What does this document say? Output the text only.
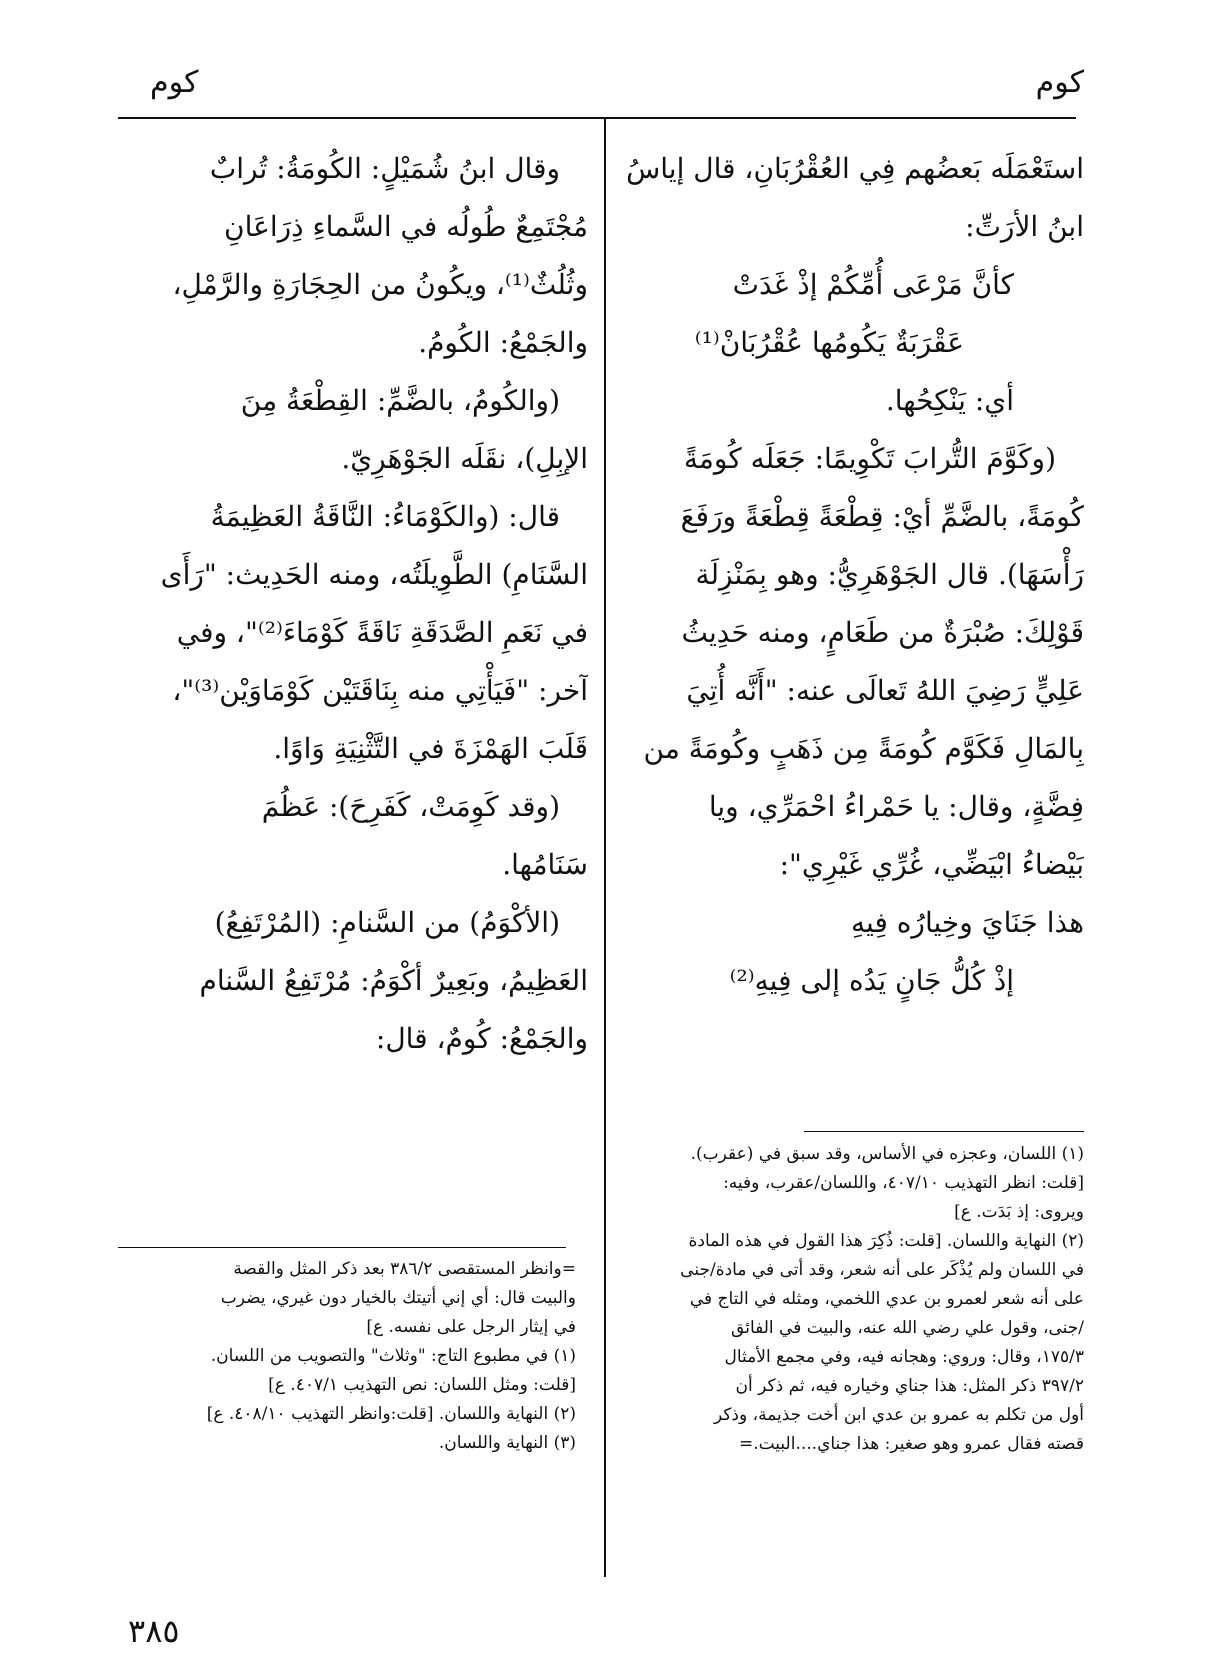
كوم
كوم
استَعْمَلَه بَعضُهم فِي العُقْرُبَانِ، قال إياسُ
ابنُ الأرَتِّ:
كأنَّ مَرْعَى أُمِّكُمْ إذْ غَدَتْ
عَقْرَبَةٌ يَكُومُها عُقْرُبَانْ⁽¹⁾
أي: يَنْكِحُها.
(وكَوَّمَ التُّرابَ تَكْوِيمًا: جَعَلَه كُومَةً
كُومَةً، بالضَّمِّ أيْ: قِطْعَةً قِطْعَةً ورَفَعَ
رَأْسَهَا). قال الجَوْهَرِيُّ: وهو بِمَنْزِلَة
قَوْلِكَ: صُبْرَةٌ من طَعَامٍ، ومنه حَدِيثُ
عَلِيٍّ رَضِيَ اللهُ تَعالَى عنه: "أَنَّه أُتِيَ
بِالمَالِ فَكَوَّم كُومَةً مِن ذَهَبٍ وكُومَةً من
فِضَّةٍ، وقال: يا حَمْراءُ احْمَرِّي، ويا
بَيْضاءُ ابْيَضِّي، غُرِّي غَيْرِي":
هذا جَنَايَ وخِيارُه فِيهِ
إذْ كُلُّ جَانٍ يَدُه إلى فِيهِ⁽²⁾
وقال ابنُ شُمَيْلٍ: الكُومَةُ: تُرابٌ
مُجْتَمِعٌ طُولُه في السَّماءِ ذِرَاعَانِ
وثُلُثٌ⁽¹⁾، ويكُونُ من الحِجَارَةِ والرَّمْلِ،
والجَمْعُ: الكُومُ.
(والكُومُ، بالضَّمِّ: القِطْعَةُ مِنَ
الإبِلِ)، نقَلَه الجَوْهَرِيّ.
قال: (والكَوْمَاءُ: النَّاقَةُ العَظِيمَةُ
السَّنَامِ) الطَّوِيلَتُه، ومنه الحَدِيث: "رَأَى
في نَعَمِ الصَّدَقَةِ نَاقَةً كَوْمَاءَ⁽²⁾"، وفي
آخر: "فَيَأْتِي منه بِنَاقَتَيْن كَوْمَاوَيْن⁽³⁾"،
قَلَبَ الهَمْزَةَ في التَّثْنِيَةِ وَاوًا.
(وقد كَوِمَتْ، كَفَرِحَ): عَظُمَ
سَنَامُها.
(الأكْوَمُ) من السَّنامِ: (المُرْتَفِعُ)
العَظِيمُ، وبَعِيرٌ أكْوَمُ: مُرْتَفِعُ السَّنام
والجَمْعُ: كُومٌ، قال:
(١) اللسان، وعجزه في الأساس، وقد سبق في (عقرب).
[قلت: انظر التهذيب ٤٠٧/١٠، واللسان/عقرب، وفيه:
ويروى: إذ بَدَت. ع]
(٢) النهاية واللسان. [قلت: ذُكِرَ هذا القول في هذه المادة
في اللسان ولم يُذْكَر على أنه شعر، وقد أتى في مادة/جنى
على أنه شعر لعمرو بن عدي اللخمي، ومثله في التاج في
/جنى، وقول علي رضي الله عنه، والبيت في الفائق
١٧٥/٣، وقال: وروي: وهجانه فيه، وفي مجمع الأمثال
٣٩٧/٢ ذكر المثل: هذا جناي وخياره فيه، ثم ذكر أن
أول من تكلم به عمرو بن عدي ابن أخت جذيمة، وذكر
قصته فقال عمرو وهو صغير: هذا جناي....البيت.=
=وانظر المستقصى ٣٨٦/٢ بعد ذكر المثل والقصة
والبيت قال: أي إني أتيتك بالخيار دون غيري، يضرب
في إيثار الرجل على نفسه. ع]
(١) في مطبوع التاج: "وثلاث" والتصويب من اللسان.
[قلت: ومثل اللسان: نص التهذيب ٤٠٧/١. ع]
(٢) النهاية واللسان. [قلت:وانظر التهذيب ٤٠٨/١٠. ع]
(٣) النهاية واللسان.
٣٨٥
